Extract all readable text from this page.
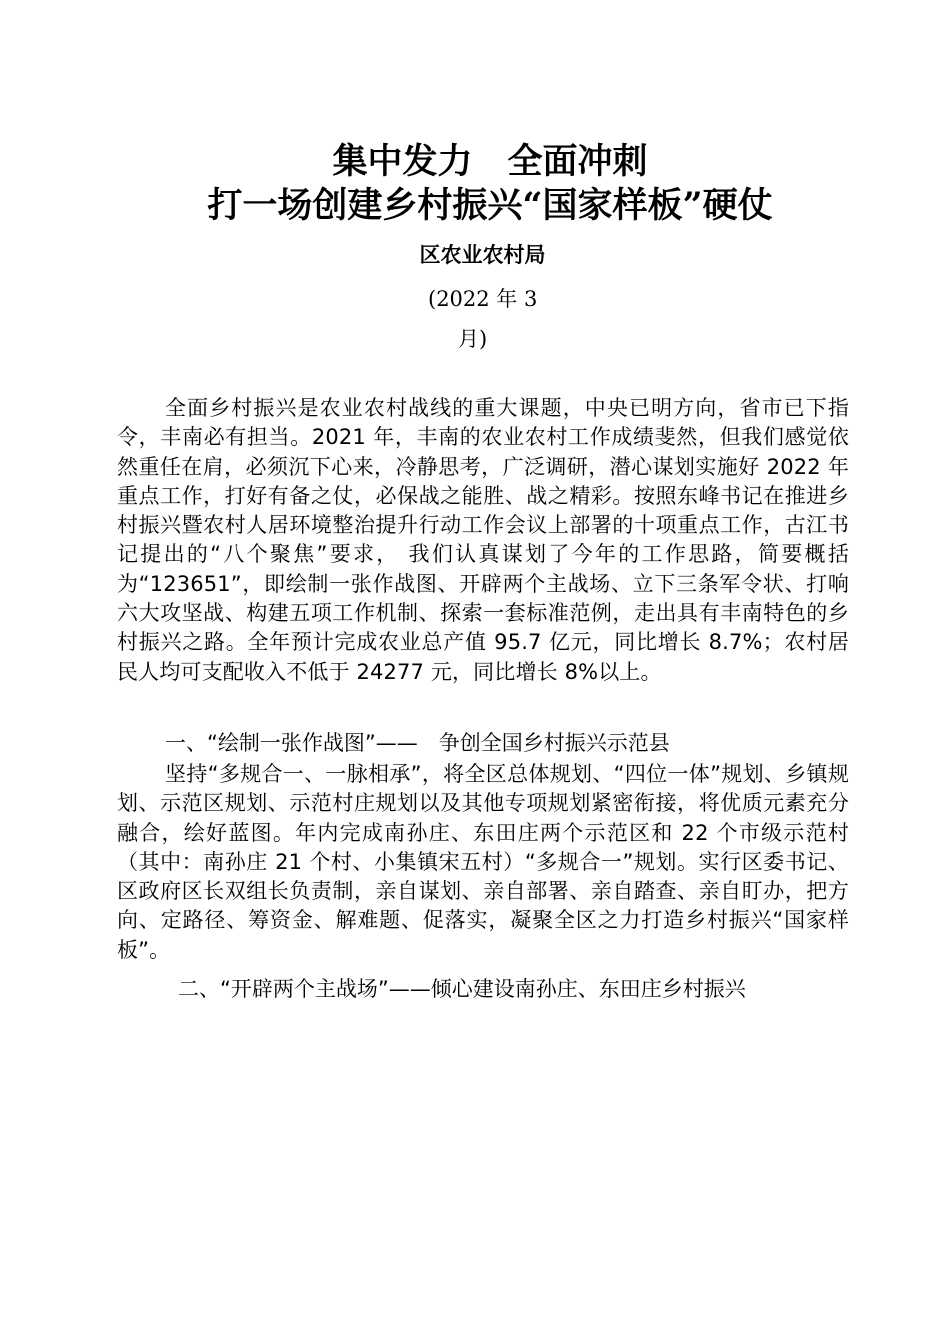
集中发力　全面冲刺
打一场创建乡村振兴“国家样板”硬仗
区农业农村局
(2022 年 3
月)
全面乡村振兴是农业农村战线的重大课题，中央已明方向，省市已下指令，丰南必有担当。2021 年，丰南的农业农村工作成绩斐然，但我们感觉依然重任在肩，必须沉下心来，冷静思考，广泛调研，潜心谋划实施好 2022 年重点工作，打好有备之仗，必保战之能胜、战之精彩。按照东峰书记在推进乡村振兴暨农村人居环境整治提升行动工作会议上部署的十项重点工作，古江书记提出的“八个聚焦”要求， 我们认真谋划了今年的工作思路，简要概括为“123651”，即绘制一张作战图、开辟两个主战场、立下三条军令状、打响六大攻坚战、构建五项工作机制、探索一套标准范例，走出具有丰南特色的乡村振兴之路。全年预计完成农业总产值 95.7 亿元，同比增长 8.7%；农村居民人均可支配收入不低于 24277 元，同比增长 8%以上。
一、“绘制一张作战图”——　争创全国乡村振兴示范县
坚持“多规合一、一脉相承”，将全区总体规划、“四位一体”规划、乡镇规划、示范区规划、示范村庄规划以及其他专项规划紧密衔接，将优质元素充分融合，绘好蓝图。年内完成南孙庄、东田庄两个示范区和 22 个市级示范村（其中：南孙庄 21 个村、小集镇宋五村）“多规合一”规划。实行区委书记、区政府区长双组长负责制，亲自谋划、亲自部署、亲自踏查、亲自盯办，把方向、定路径、筹资金、解难题、促落实，凝聚全区之力打造乡村振兴“国家样板”。
二、“开辟两个主战场”——倾心建设南孙庄、东田庄乡村振兴
